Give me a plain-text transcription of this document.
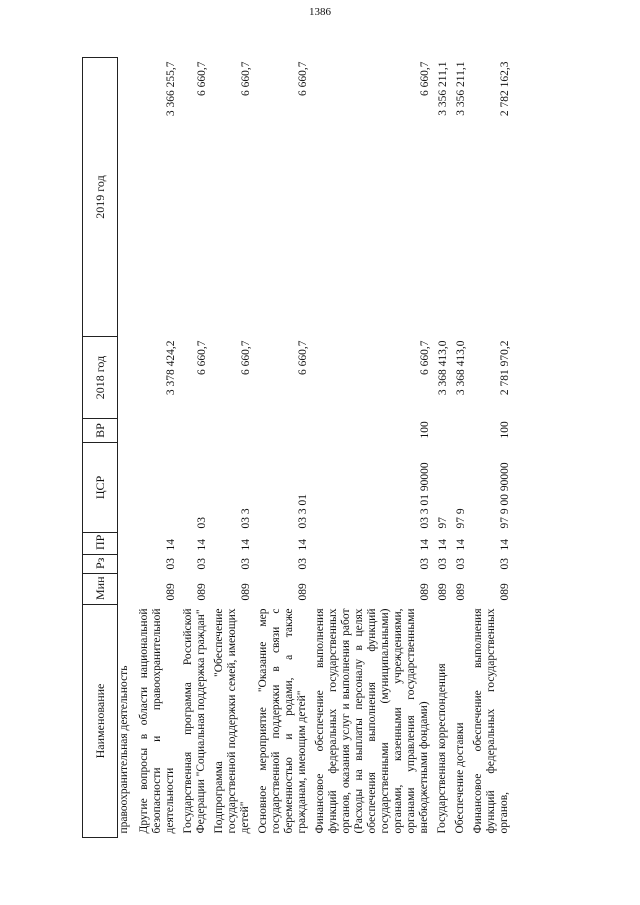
1386
Наименование	Мин	Рз	ПР	ЦСР	ВР	2018 год	2019 год
правоохранительная деятельность							
Другие вопросы в области национальной безопасности и правоохранительной деятельности	089	03	14			3 378 424,2	3 366 255,7
Государственная программа Российской Федерации "Социальная поддержка граждан"	089	03	14	03		6 660,7	6 660,7
Подпрограмма "Обеспечение государственной поддержки семей, имеющих детей"	089	03	14	03 3		6 660,7	6 660,7
Основное мероприятие "Оказание мер государственной поддержки в связи с беременностью и родами, а также гражданам, имеющим детей"	089	03	14	03 3 01		6 660,7	6 660,7
Финансовое обеспечение выполнения функций федеральных государственных органов, оказания услуг и выполнения работ (Расходы на выплаты персоналу в целях обеспечения выполнения функций государственными (муниципальными) органами, казенными учреждениями, органами управления государственными внебюджетными фондами)	089	03	14	03 3 01 90000	100	6 660,7	6 660,7
Государственная корреспонденция	089	03	14	97		3 368 413,0	3 356 211,1
Обеспечение доставки	089	03	14	97 9		3 368 413,0	3 356 211,1
Финансовое обеспечение выполнения функций федеральных государственных органов,	089	03	14	97 9 00 90000	100	2 781 970,2	2 782 162,3
